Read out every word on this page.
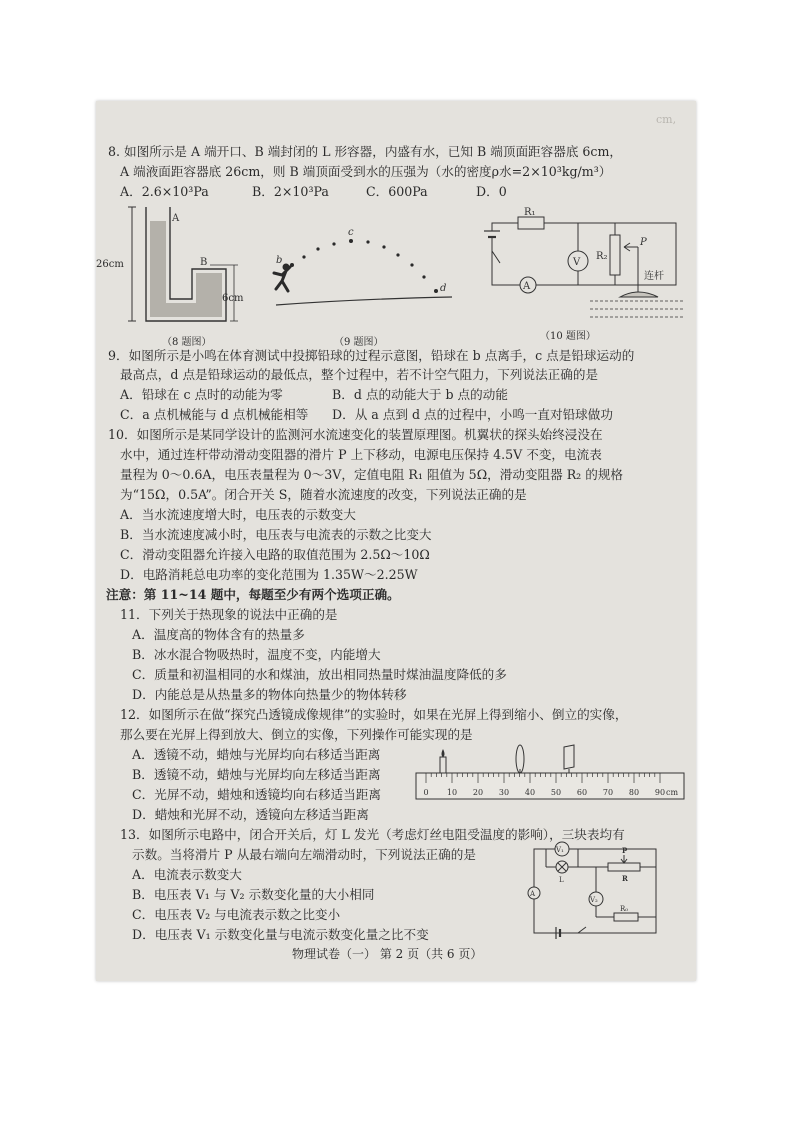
cm,
8. 如图所示是 A 端开口、B 端封闭的 L 形容器，内盛有水，已知 B 端顶面距容器底 6cm，
A 端液面距容器底 26cm，则 B 端顶面受到水的压强为（水的密度ρ水=2×10³kg/m³）
A．2.6×10³Pa	B．2×10³Pa	C．600Pa	D．0
A
B
26cm
6cm
（8 题图）
b
c
d
（9 题图）
R₁
V
R₂
P
A
连杆
（10 题图）
9．如图所示是小鸣在体育测试中投掷铅球的过程示意图，铅球在 b 点离手，c 点是铅球运动的
最高点，d 点是铅球运动的最低点，整个过程中，若不计空气阻力，下列说法正确的是
A．铅球在 c 点时的动能为零	B．d 点的动能大于 b 点的动能
C．a 点机械能与 d 点机械能相等 D．从 a 点到 d 点的过程中，小鸣一直对铅球做功
10．如图所示是某同学设计的监测河水流速变化的装置原理图。机翼状的探头始终浸没在
水中，通过连杆带动滑动变阻器的滑片 P 上下移动，电源电压保持 4.5V 不变，电流表
量程为 0～0.6A，电压表量程为 0～3V，定值电阻 R₁ 阻值为 5Ω，滑动变阻器 R₂ 的规格
为“15Ω，0.5A”。闭合开关 S，随着水流速度的改变，下列说法正确的是
A．当水流速度增大时，电压表的示数变大
B．当水流速度减小时，电压表与电流表的示数之比变大
C．滑动变阻器允许接入电路的取值范围为 2.5Ω～10Ω
D．电路消耗总电功率的变化范围为 1.35W～2.25W
注意：第 11~14 题中，每题至少有两个选项正确。
11．下列关于热现象的说法中正确的是
A．温度高的物体含有的热量多
B．冰水混合物吸热时，温度不变，内能增大
C．质量和初温相同的水和煤油，放出相同热量时煤油温度降低的多
D．内能总是从热量多的物体向热量少的物体转移
12．如图所示在做“探究凸透镜成像规律”的实验时，如果在光屏上得到缩小、倒立的实像，
那么要在光屏上得到放大、倒立的实像，下列操作可能实现的是
A．透镜不动，蜡烛与光屏均向右移适当距离
B．透镜不动，蜡烛与光屏均向左移适当距离
C．光屏不动，蜡烛和透镜均向右移适当距离
D．蜡烛和光屏不动，透镜向左移适当距离
0 10 20 30 40 50 60 70 80 90 cm
13．如图所示电路中，闭合开关后，灯 L 发光（考虑灯丝电阻受温度的影响），三块表均有
示数。当将滑片 P 从最右端向左端滑动时，下列说法正确的是
A．电流表示数变大
B．电压表 V₁ 与 V₂ 示数变化量的大小相同
C．电压表 V₂ 与电流表示数之比变小
D．电压表 V₁ 示数变化量与电流示数变化量之比不变
V₁
L
P
R
A
V₂
R₀
物理试卷（一） 第 2 页（共 6 页）
